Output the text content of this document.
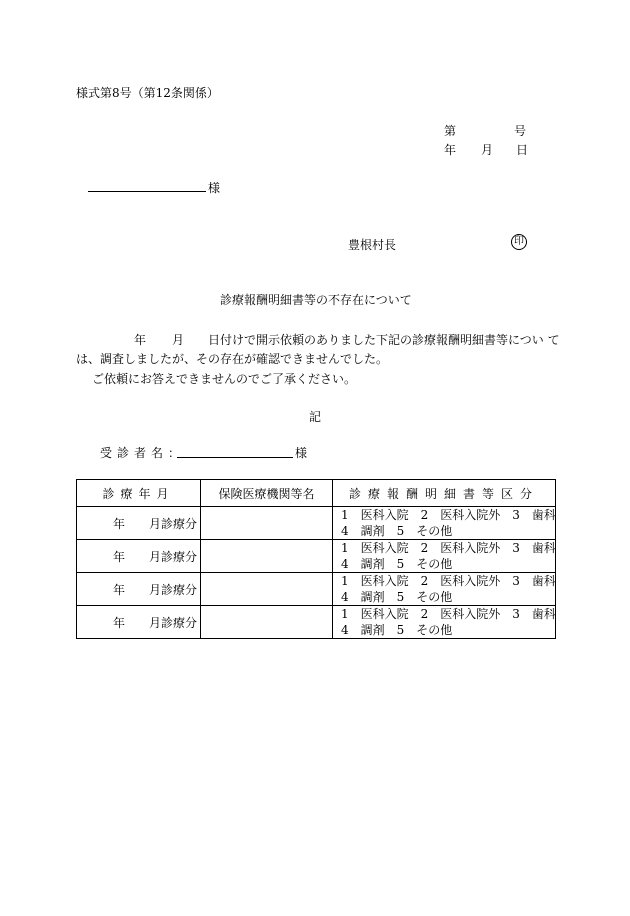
様式第8号（第12条関係）
第	号
年 月 日
様
豊根村長	印
診療報酬明細書等の不存在について
年 月 日付けで開示依頼のありました下記の診療報酬明細書等につい て
は、調査しましたが、その存在が確認できませんでした。
ご依頼にお答えできませんのでご了承ください。
記
受診者名：	様
診療年月	保険医療機関等名	診療報酬明細書等区分
年 月診療分		1　医科入院　2　医科入院外　3　歯科
4　調剤　5　その他
年 月診療分		1　医科入院　2　医科入院外　3　歯科
4　調剤　5　その他
年 月診療分		1　医科入院　2　医科入院外　3　歯科
4　調剤　5　その他
年 月診療分		1　医科入院　2　医科入院外　3　歯科
4　調剤　5　その他
